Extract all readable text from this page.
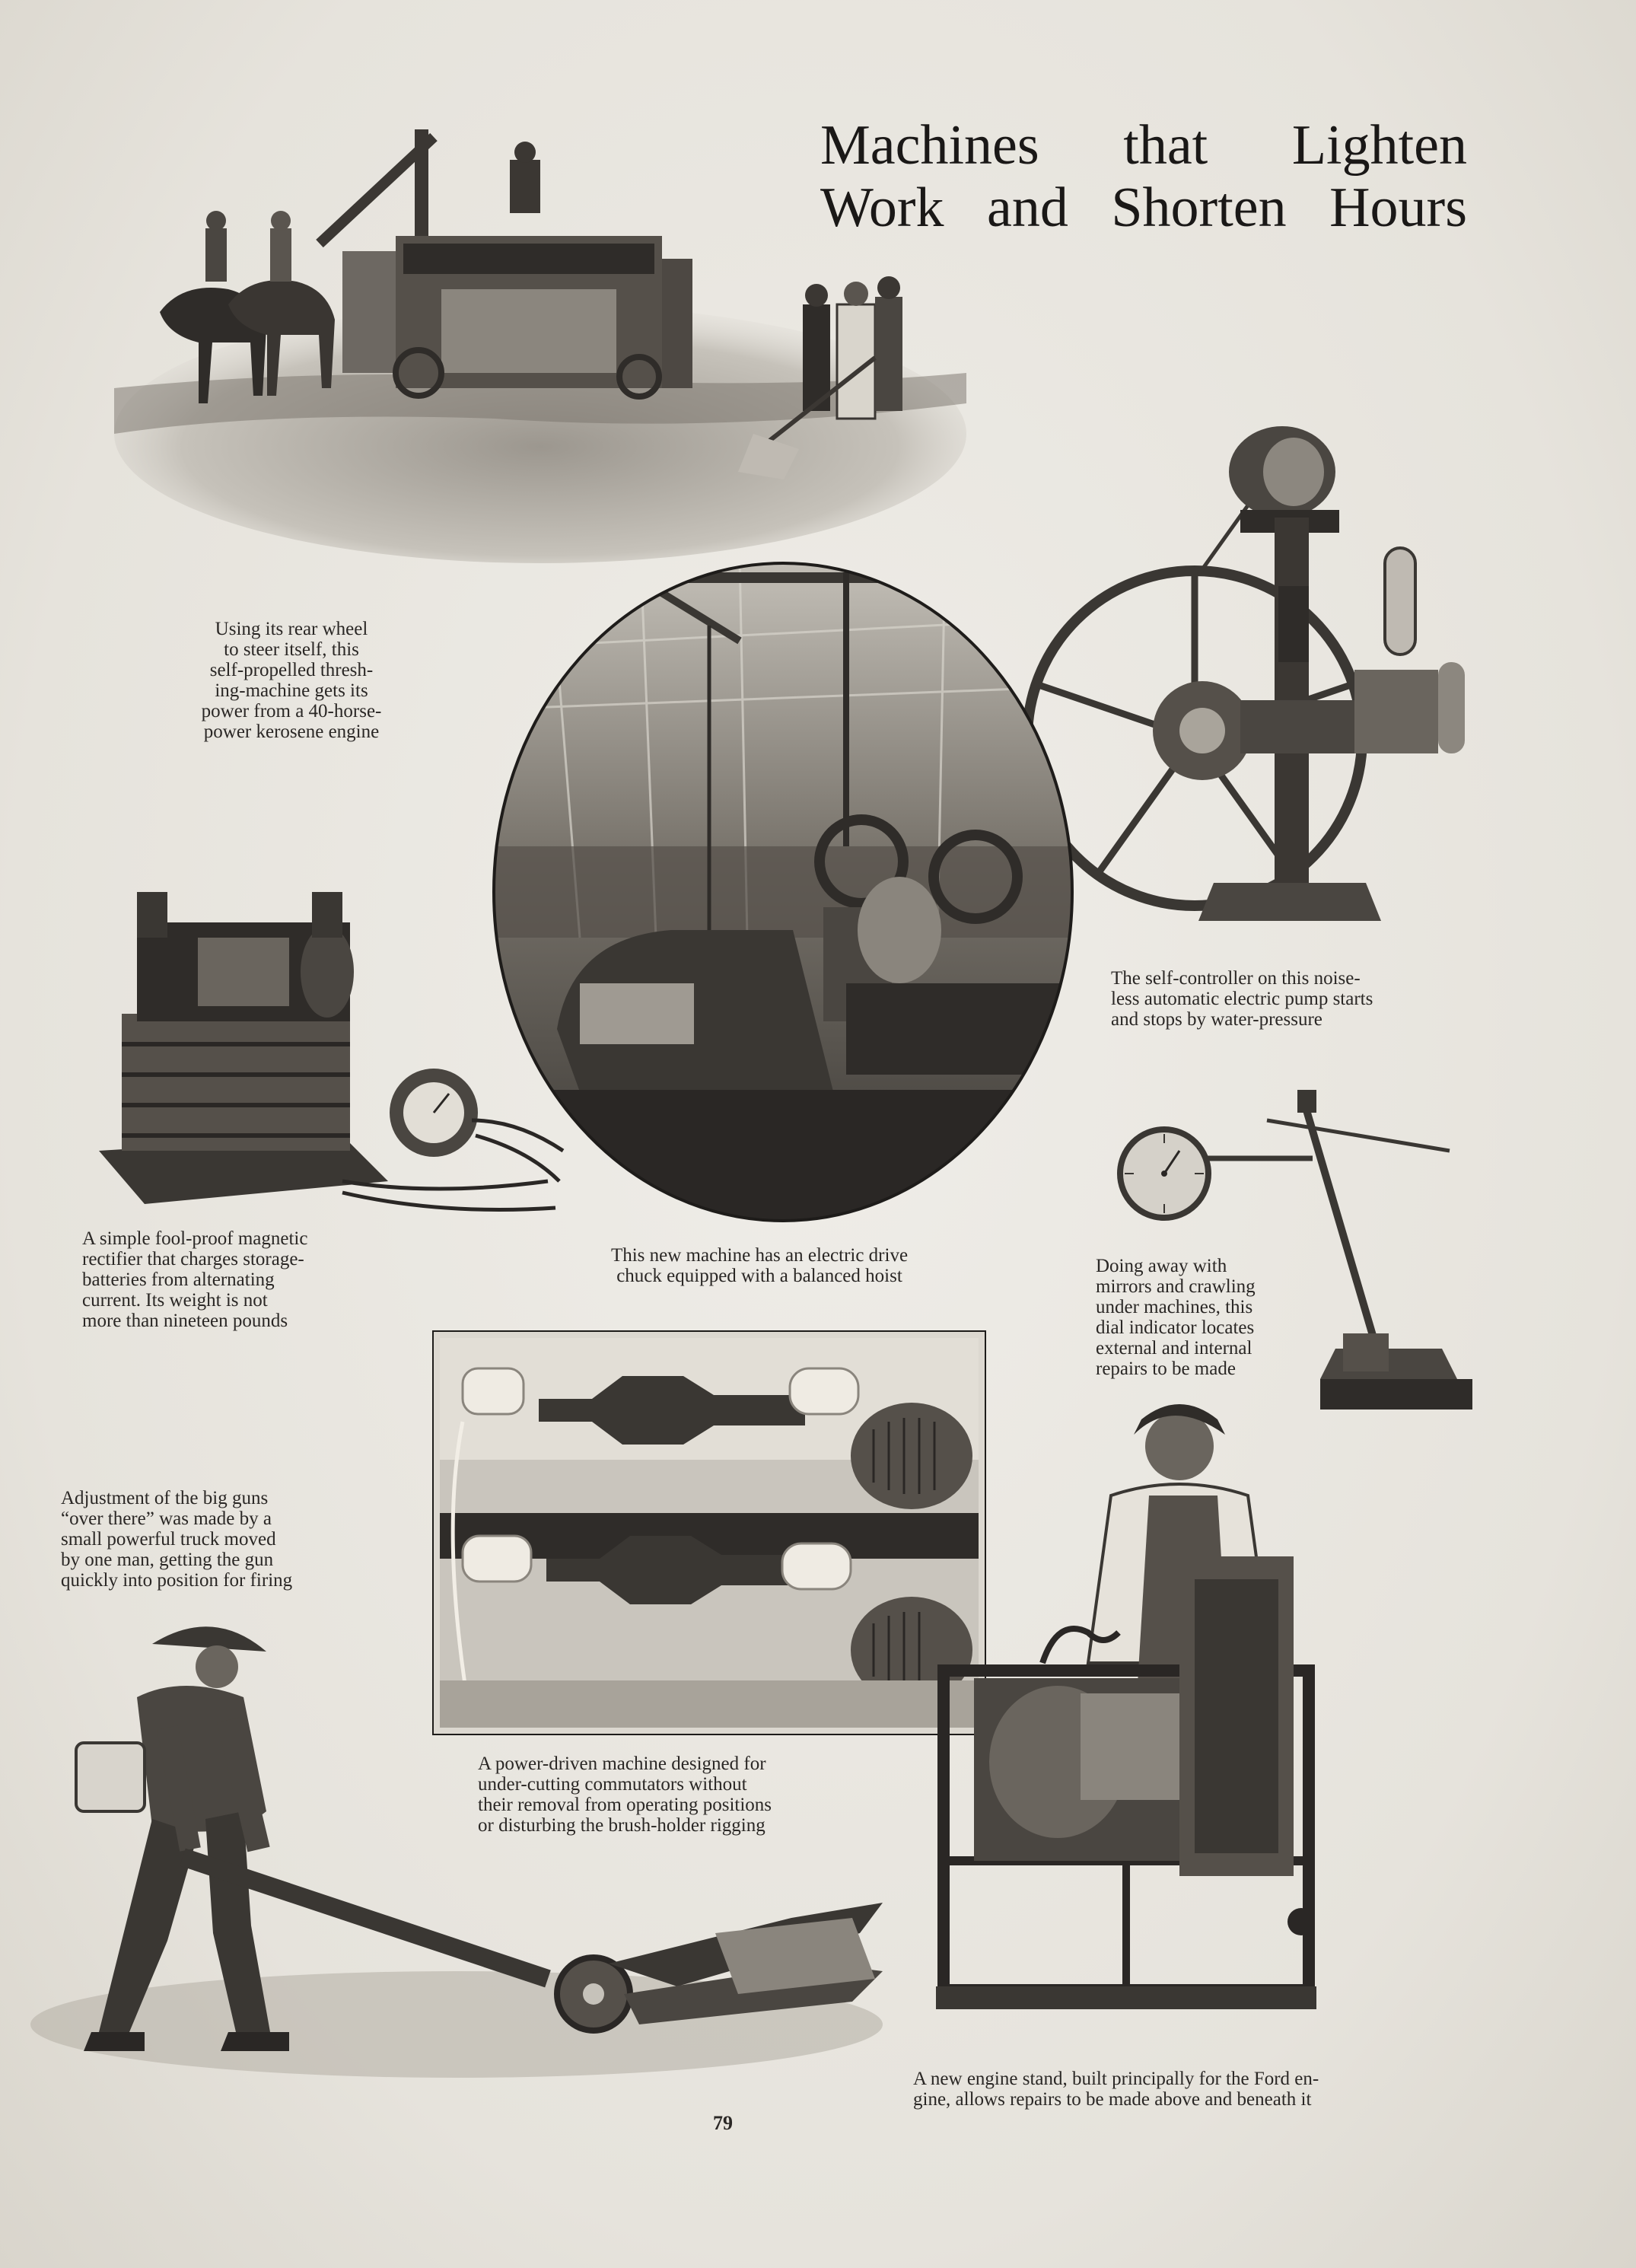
Machines that Lighten
Work and Shorten Hours
Using its rear wheel
to steer itself, this
self-propelled thresh-
ing-machine gets its
power from a 40-horse-
power kerosene engine
The self-controller on this noise-
less automatic electric pump starts
and stops by water-pressure
This new machine has an electric drive
chuck equipped with a balanced hoist
A simple fool-proof magnetic
rectifier that charges storage-
batteries from alternating
current. Its weight is not
more than nineteen pounds
Doing away with
mirrors and crawling
under machines, this
dial indicator locates
external and internal
repairs to be made
A power-driven machine designed for
under-cutting commutators without
their removal from operating positions
or disturbing the brush-holder rigging
Adjustment of the big guns
“over there” was made by a
small powerful truck moved
by one man, getting the gun
quickly into position for firing
A new engine stand, built principally for the Ford en-
gine, allows repairs to be made above and beneath it
79
